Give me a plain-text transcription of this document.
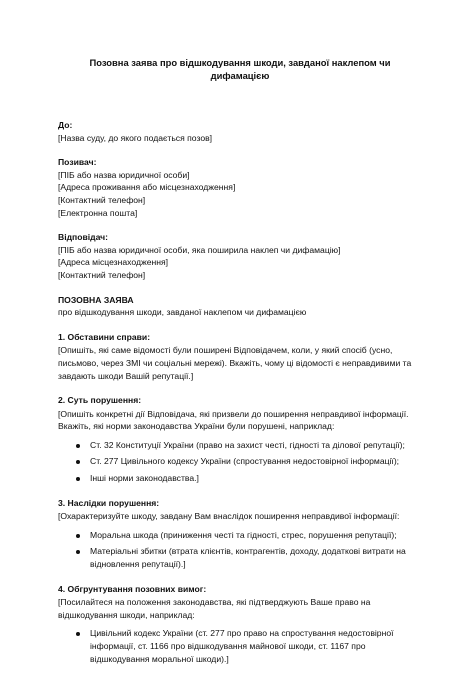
Позовна заява про відшкодування шкоди, завданої наклепом чи дифамацією
До:
[Назва суду, до якого подається позов]
Позивач:
[ПІБ або назва юридичної особи]
[Адреса проживання або місцезнаходження]
[Контактний телефон]
[Електронна пошта]
Відповідач:
[ПІБ або назва юридичної особи, яка поширила наклеп чи дифамацію]
[Адреса місцезнаходження]
[Контактний телефон]
ПОЗОВНА ЗАЯВА
про відшкодування шкоди, завданої наклепом чи дифамацією
1. Обставини справи:
[Опишіть, які саме відомості були поширені Відповідачем, коли, у який спосіб (усно, письмово, через ЗМІ чи соціальні мережі). Вкажіть, чому ці відомості є неправдивими та завдають шкоди Вашій репутації.]
2. Суть порушення:
[Опишіть конкретні дії Відповідача, які призвели до поширення неправдивої інформації. Вкажіть, які норми законодавства України були порушені, наприклад:
Ст. 32 Конституції України (право на захист честі, гідності та ділової репутації);
Ст. 277 Цивільного кодексу України (спростування недостовірної інформації);
Інші норми законодавства.]
3. Наслідки порушення:
[Охарактеризуйте шкоду, завдану Вам внаслідок поширення неправдивої інформації:
Моральна шкода (приниження честі та гідності, стрес, порушення репутації);
Матеріальні збитки (втрата клієнтів, контрагентів, доходу, додаткові витрати на відновлення репутації).]
4. Обгрунтування позовних вимог:
[Посилайтеся на положення законодавства, які підтверджують Ваше право на відшкодування шкоди, наприклад:
Цивільний кодекс України (ст. 277 про право на спростування недостовірної інформації, ст. 1166 про відшкодування майнової шкоди, ст. 1167 про відшкодування моральної шкоди).]
